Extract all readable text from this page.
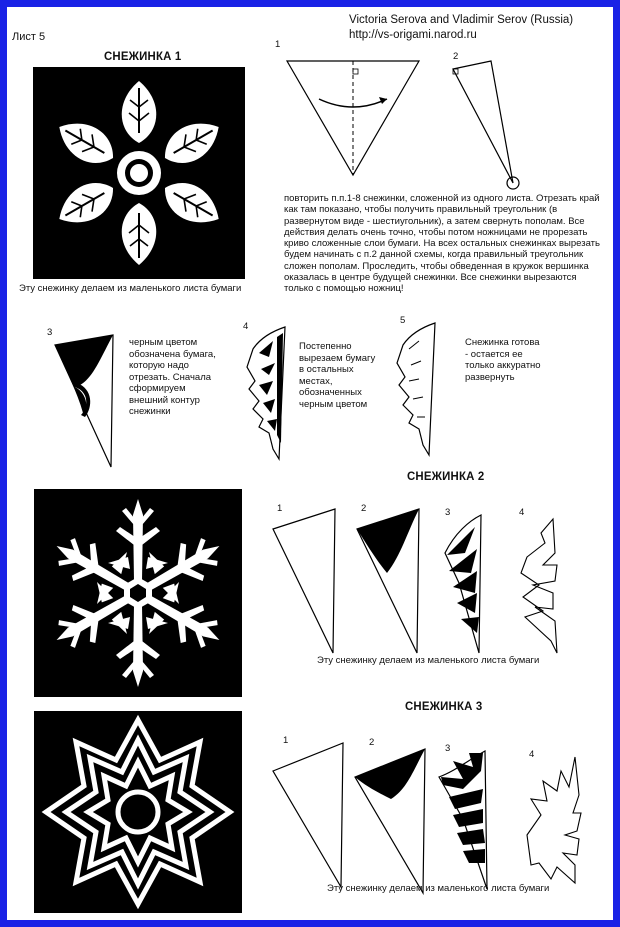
Лист 5
Victoria Serova and Vladimir Serov (Russia)
http://vs-origami.narod.ru
СНЕЖИНКА 1
Эту снежинку делаем из маленького листа бумаги
1
2
повторить п.п.1-8 снежинки, сложенной из одного листа. Отрезать край как там показано, чтобы получить правильный треугольник (в развернутом виде - шестиугольник), а затем свернуть пополам. Все действия делать очень точно, чтобы потом ножницами не прорезать криво сложенные слои бумаги. На всех остальных снежинках вырезать будем начинать с п.2 данной схемы, когда правильный треугольник сложен пополам. Проследить, чтобы обведенная в кружок вершинка оказалась в центре будущей снежинки. Все снежинки вырезаются только с помощью ножниц!
3
черным цветом обозначена бумага, которую надо отрезать. Сначала сформируем внешний контур снежинки
4
Постепенно вырезаем бумагу в остальных местах, обозначенных черным цветом
5
Снежинка готова - остается ее только аккуратно развернуть
СНЕЖИНКА 2
1	2	3	4
Эту снежинку делаем из маленького листа бумаги
СНЕЖИНКА 3
1	2
3
4
Эту снежинку делаем из маленького листа бумаги
